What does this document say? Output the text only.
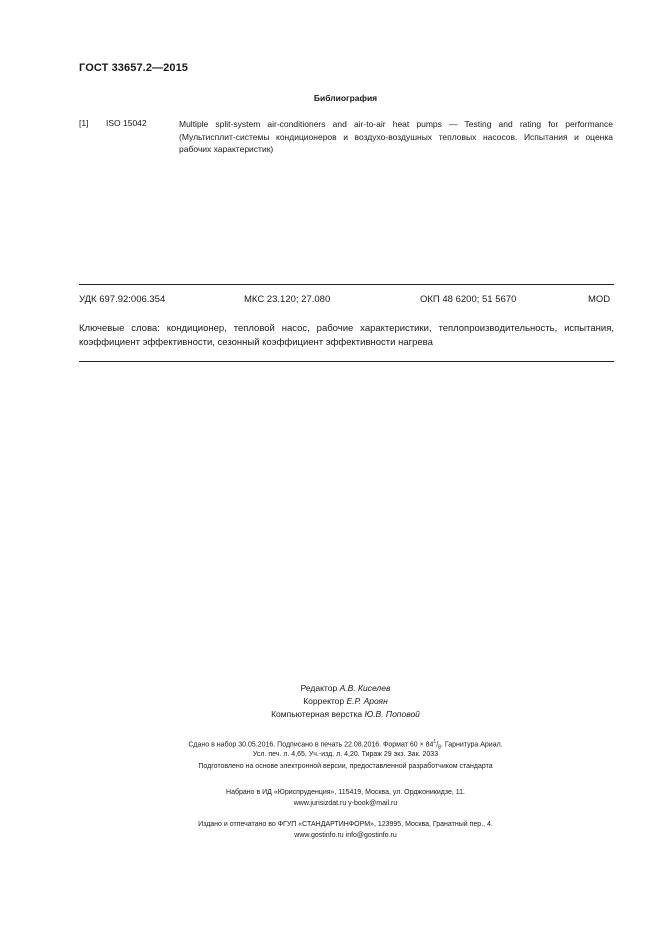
ГОСТ 33657.2—2015
Библиография
[1] ISO 15042	Multiple split-system air-conditioners and air-to-air heat pumps — Testing and rating for performance (Мультисплит-системы кондиционеров и воздухо-воздушных тепловых насосов. Испытания и оценка рабочих характеристик)
УДК 697.92:006.354	МКС 23.120; 27.080	ОКП 48 6200; 51 5670	MOD
Ключевые слова: кондиционер, тепловой насос, рабочие характеристики, теплопроизводительность, испытания, коэффициент эффективности, сезонный коэффициент эффективности нагрева
Редактор А.В. Киселев
Корректор Е.Р. Ароян
Компьютерная верстка Ю.В. Поповой
Сдано в набор 30.05.2016. Подписано в печать 22.08.2016. Формат $60 \times 84^1/_8$. Гарнитура Ариал.
Усл. печ. л. 4,65. Уч.-изд. л. 4,20. Тираж 29 экз. Зак. 2033
Подготовлено на основе электронной версии, предоставленной разработчиком стандарта
Набрано в ИД «Юриспруденция», 115419, Москва, ул. Орджоникидзе, 11.
www.jurisizdat.ru y-book@mail.ru
Издано и отпечатано во ФГУП «СТАНДАРТИНФОРМ», 123995, Москва, Гранатный пер., 4.
www.gostinfo.ru info@gostinfo.ru
